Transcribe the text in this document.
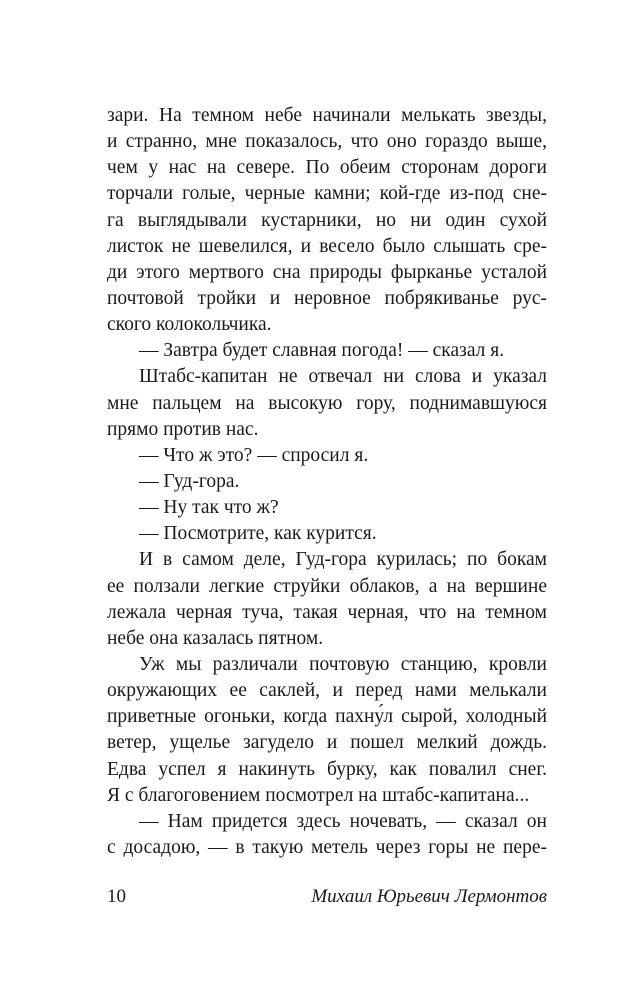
зари. На темном небе начинали мелькать звезды,
и странно, мне показалось, что оно гораздо выше,
чем у нас на севере. По обеим сторонам дороги
торчали голые, черные камни; кой-где из-под сне-
га выглядывали кустарники, но ни один сухой
листок не шевелился, и весело было слышать сре-
ди этого мертвого сна природы фырканье усталой
почтовой тройки и неровное побрякиванье рус-
ского колокольчика.
— Завтра будет славная погода! — сказал я.
Штабс-капитан не отвечал ни слова и указал
мне пальцем на высокую гору, поднимавшуюся
прямо против нас.
— Что ж это? — спросил я.
— Гуд-гора.
— Ну так что ж?
— Посмотрите, как курится.
И в самом деле, Гуд-гора курилась; по бокам
ее ползали легкие струйки облаков, а на вершине
лежала черная туча, такая черная, что на темном
небе она казалась пятном.
Уж мы различали почтовую станцию, кровли
окружающих ее саклей, и перед нами мелькали
приветные огоньки, когда пахну́л сырой, холодный
ветер, ущелье загудело и пошел мелкий дождь.
Едва успел я накинуть бурку, как повалил снег.
Я с благоговением посмотрел на штабс-капитана...
— Нам придется здесь ночевать, — сказал он
с досадою, — в такую метель через горы не пере-
10	Михаил Юрьевич Лермонтов
